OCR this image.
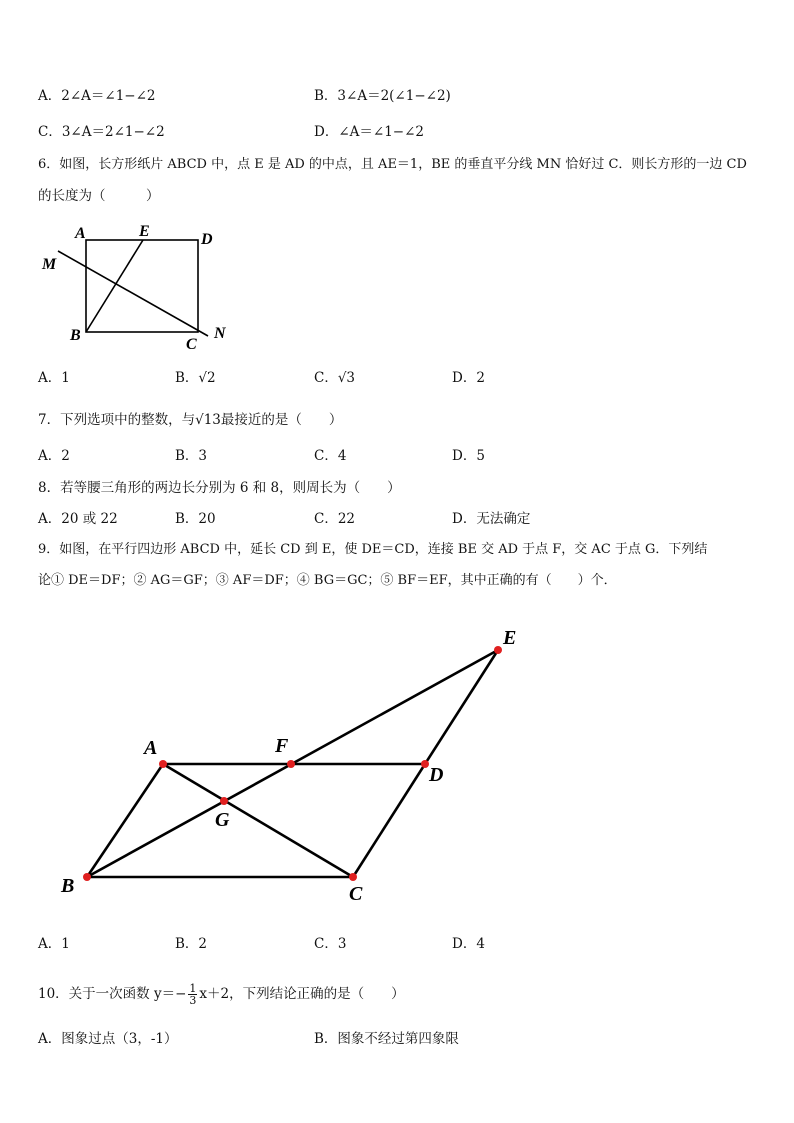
A．2∠A＝∠1−∠2	B．3∠A＝2(∠1−∠2)
C．3∠A＝2∠1−∠2	D．∠A＝∠1−∠2
6．如图，长方形纸片 ABCD 中，点 E 是 AD 的中点，且 AE＝1，BE 的垂直平分线 MN 恰好过 C．则长方形的一边 CD
的长度为（　　　）
A	E	D
M
B
C
N
A．1	B．√2	C．√3	D．2
7．下列选项中的整数，与√13最接近的是（　　）
A．2	B．3	C．4	D．5
8．若等腰三角形的两边长分别为 6 和 8，则周长为（　　）
A．20 或 22	B．20	C．22	D．无法确定
9．如图，在平行四边形 ABCD 中，延长 CD 到 E，使 DE＝CD，连接 BE 交 AD 于点 F，交 AC 于点 G．下列结
论① DE＝DF；② AG＝GF；③ AF＝DF；④ BG＝GC；⑤ BF＝EF，其中正确的有（　　）个．
A	F
D
E
G
B	C
A．1	B．2	C．3	D．4
10．关于一次函数 $y=- \frac{1}{3} x+2$，下列结论正确的是（　　）
A．图象过点（3，-1）	B．图象不经过第四象限
